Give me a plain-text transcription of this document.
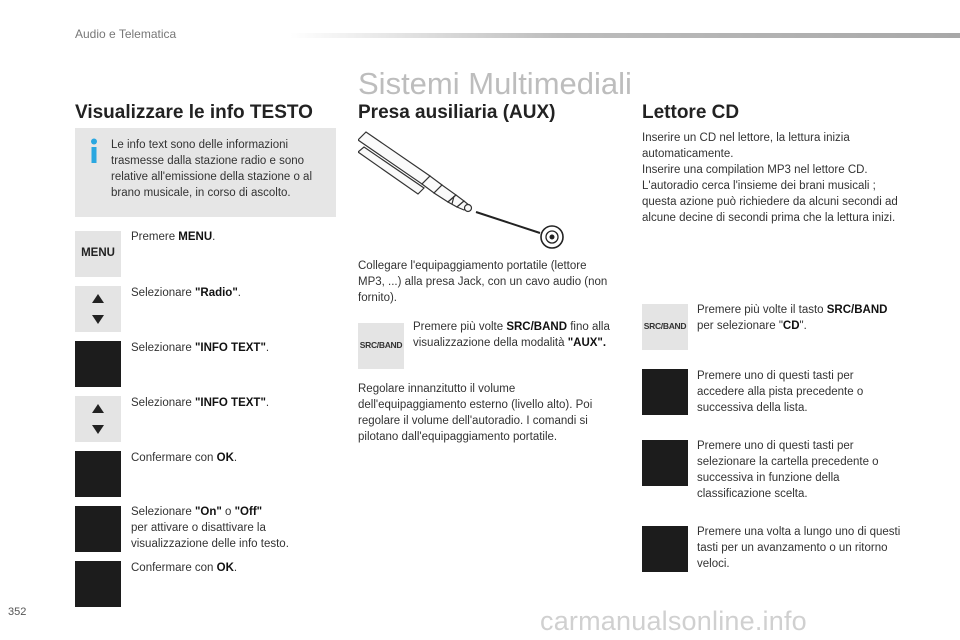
Audio e Telematica
Sistemi Multimediali
Visualizzare le info TESTO
Le info text sono delle informazioni trasmesse dalla stazione radio e sono relative all'emissione della stazione o al brano musicale, in corso di ascolto.
MENU
Premere MENU.
Selezionare "Radio".
Selezionare "INFO TEXT".
Selezionare "INFO TEXT".
Confermare con OK.
Selezionare "On" o "Off"
per attivare o disattivare la
visualizzazione delle info testo.
Confermare con OK.
Presa ausiliaria (AUX)
Collegare l'equipaggiamento portatile (lettore MP3, ...) alla presa Jack, con un cavo audio (non fornito).
SRC/BAND
Premere più volte SRC/BAND fino alla visualizzazione della modalità "AUX".
Regolare innanzitutto il volume dell'equipaggiamento esterno (livello alto). Poi regolare il volume dell'autoradio. I comandi si pilotano dall'equipaggiamento portatile.
Lettore CD
Inserire un CD nel lettore, la lettura inizia automaticamente.
Inserire una compilation MP3 nel lettore CD. L'autoradio cerca l'insieme dei brani musicali ; questa azione può richiedere da alcuni secondi ad alcune decine di secondi prima che la lettura inizi.
SRC/BAND
Premere più volte il tasto SRC/BAND
per selezionare "CD".
Premere uno di questi tasti per accedere alla pista precedente o successiva della lista.
Premere uno di questi tasti per selezionare la cartella precedente o successiva in funzione della classificazione scelta.
Premere una volta a lungo uno di questi tasti per un avanzamento o un ritorno veloci.
352	carmanualsonline.info
